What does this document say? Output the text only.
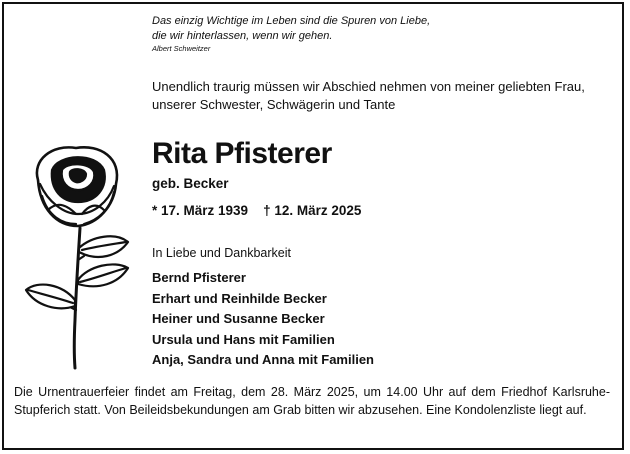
Das einzig Wichtige im Leben sind die Spuren von Liebe,
die wir hinterlassen, wenn wir gehen.
Albert Schweitzer
Unendlich traurig müssen wir Abschied nehmen von meiner geliebten Frau,
unserer Schwester, Schwägerin und Tante
Rita Pfisterer
geb. Becker
* 17. März 1939    † 12. März 2025
In Liebe und Dankbarkeit
Bernd Pfisterer
Erhart und Reinhilde Becker
Heiner und Susanne Becker
Ursula und Hans mit Familien
Anja, Sandra und Anna mit Familien
Die Urnentrauerfeier findet am Freitag, dem 28. März 2025, um 14.00 Uhr auf dem Friedhof Karlsruhe-Stupferich statt. Von Beileidsbekundungen am Grab bitten wir abzusehen. Eine Kondolenzliste liegt auf.
